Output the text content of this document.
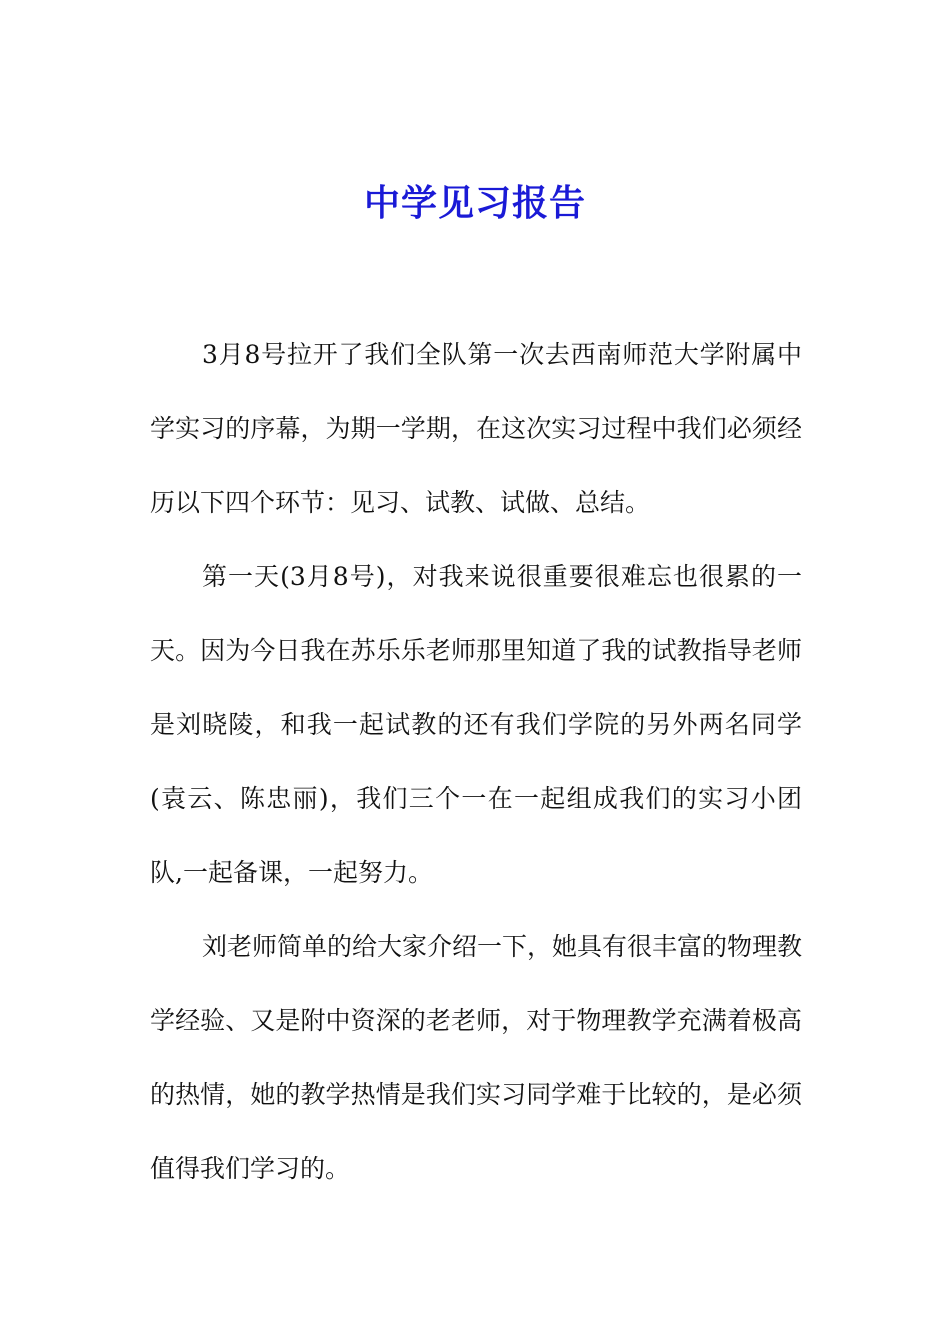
中学见习报告

3月8号拉开了我们全队第一次去西南师范大学附属中学实习的序幕，为期一学期，在这次实习过程中我们必须经历以下四个环节：见习、试教、试做、总结。

第一天(3月8号)，对我来说很重要很难忘也很累的一天。因为今日我在苏乐乐老师那里知道了我的试教指导老师是刘晓陵，和我一起试教的还有我们学院的另外两名同学(袁云、陈忠丽)，我们三个一在一起组成我们的实习小团队,一起备课，一起努力。

刘老师简单的给大家介绍一下，她具有很丰富的物理教学经验、又是附中资深的老老师，对于物理教学充满着极高的热情，她的教学热情是我们实习同学难于比较的，是必须值得我们学习的。
